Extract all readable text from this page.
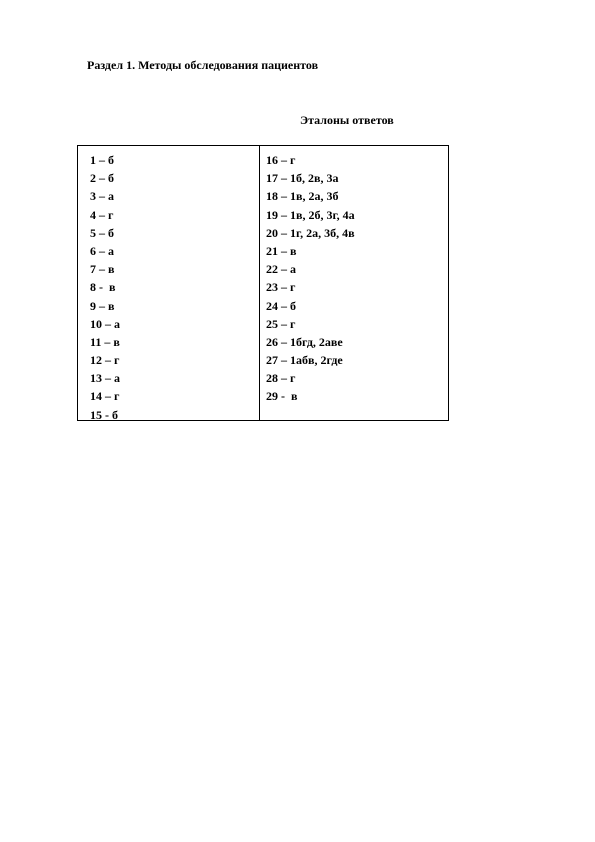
Раздел 1. Методы обследования пациентов
Эталоны ответов
1 – б
2 – б
3 – а
4 – г
5 – б
6 – а
7 – в
8 -  в
9 – в
10 – а
11 – в
12 – г
13 – а
14 – г
15 - б
16 – г
17 – 1б, 2в, 3а
18 – 1в, 2а, 3б
19 – 1в, 2б, 3г, 4а
20 – 1г, 2а, 3б, 4в
21 – в
22 – а
23 – г
24 – б
25 – г
26 – 1бгд, 2аве
27 – 1абв, 2где
28 – г
29 -  в
